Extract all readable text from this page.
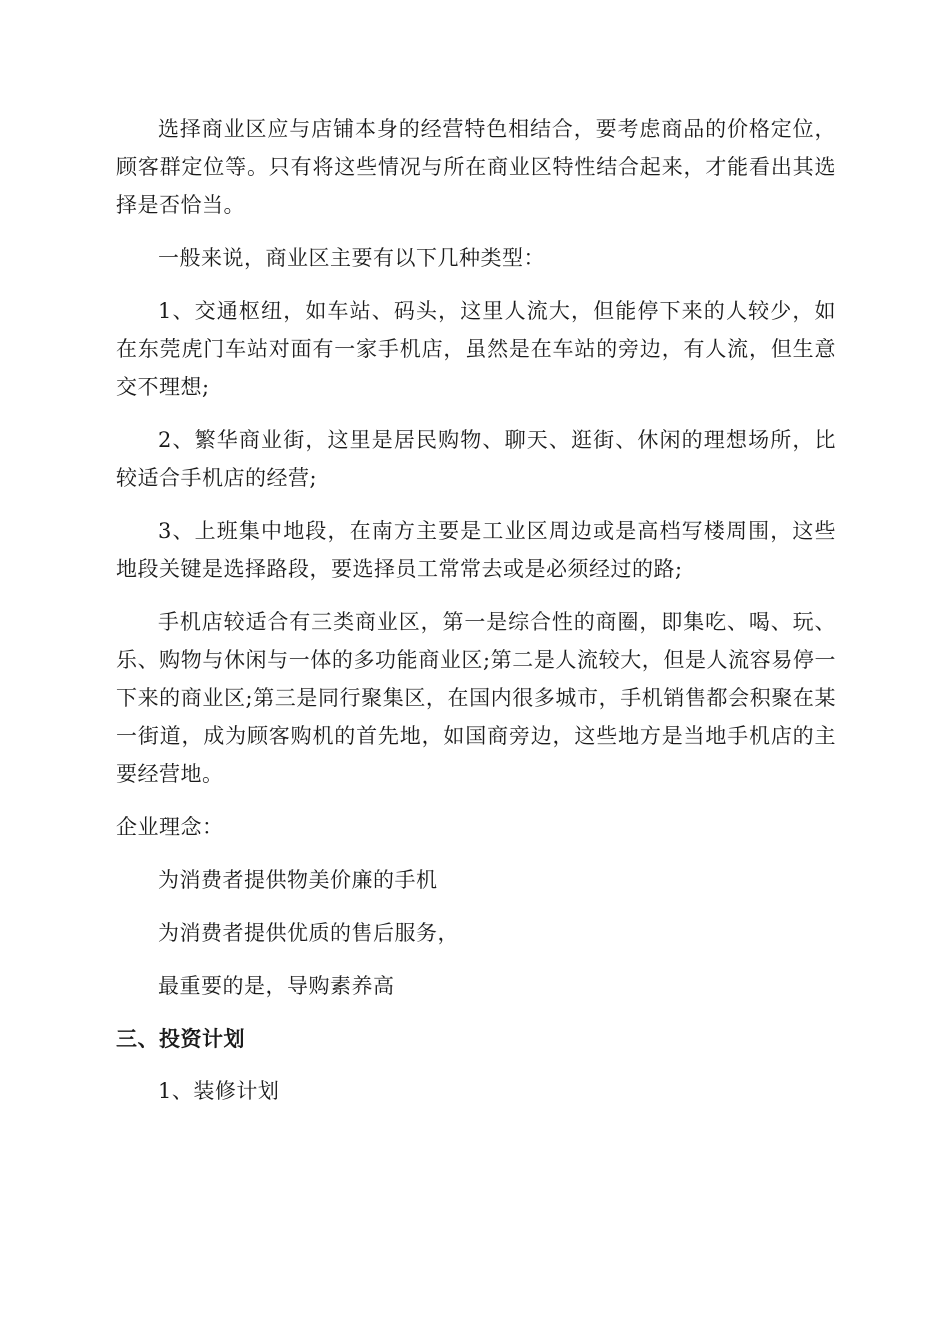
选择商业区应与店铺本身的经营特色相结合，要考虑商品的价格定位，顾客群定位等。只有将这些情况与所在商业区特性结合起来，才能看出其选择是否恰当。

一般来说，商业区主要有以下几种类型：

1、交通枢纽，如车站、码头，这里人流大，但能停下来的人较少，如在东莞虎门车站对面有一家手机店，虽然是在车站的旁边，有人流，但生意交不理想;

2、繁华商业街，这里是居民购物、聊天、逛街、休闲的理想场所，比较适合手机店的经营;

3、上班集中地段，在南方主要是工业区周边或是高档写楼周围，这些地段关键是选择路段，要选择员工常常去或是必须经过的路;

手机店较适合有三类商业区，第一是综合性的商圈，即集吃、喝、玩、乐、购物与休闲与一体的多功能商业区;第二是人流较大，但是人流容易停一下来的商业区;第三是同行聚集区，在国内很多城市，手机销售都会积聚在某一街道，成为顾客购机的首先地，如国商旁边，这些地方是当地手机店的主要经营地。

企业理念：

为消费者提供物美价廉的手机

为消费者提供优质的售后服务，

最重要的是，导购素养高

三、投资计划

1、装修计划
